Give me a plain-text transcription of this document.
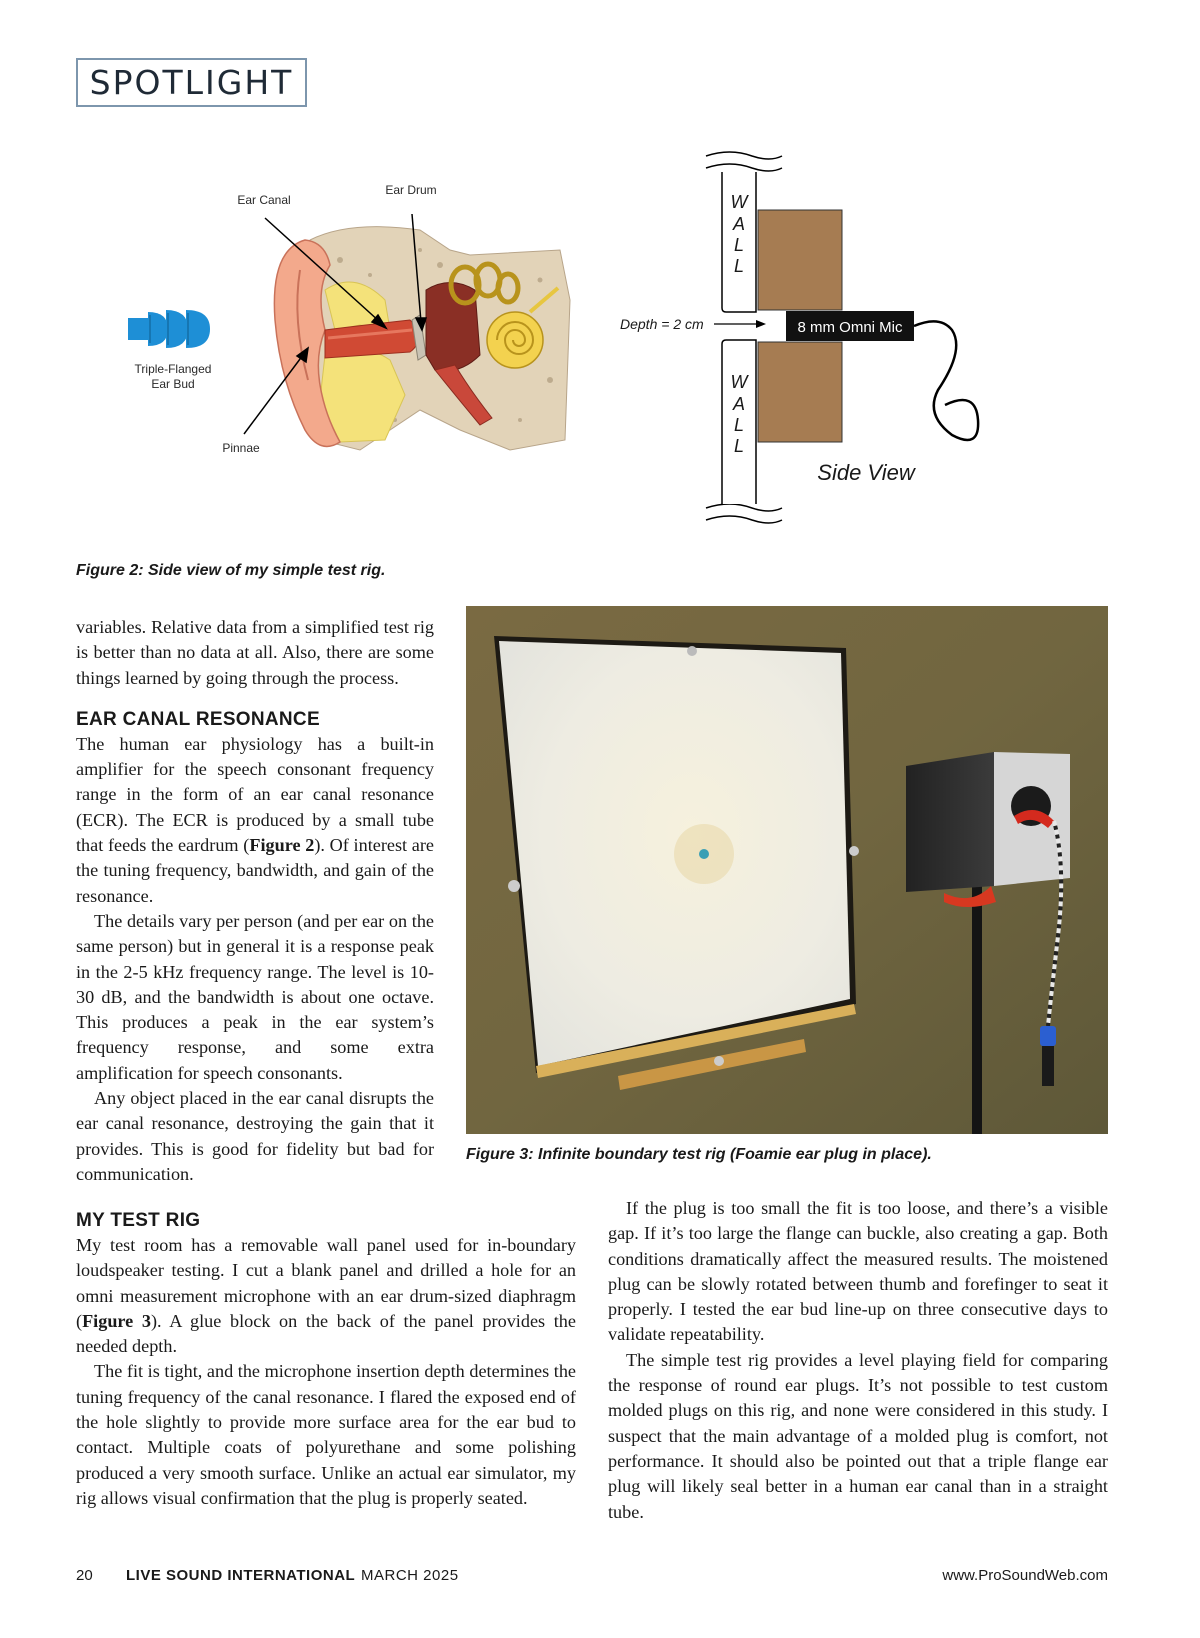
SPOTLIGHT
Ear Canal
Ear Drum
Triple-Flanged
Ear Bud
Pinnae
8 mm Omni Mic
Depth = 2 cm
W
A
L
L
W
A
L
L
Side View
Figure 2: Side view of my simple test rig.
Figure 3: Infinite boundary test rig (Foamie ear plug in place).

variables. Relative data from a simplified test rig is better than no data at all. Also, there are some things learned by going through the process.

EAR CANAL RESONANCE

The human ear physiology has a built-in amplifier for the speech consonant frequency range in the form of an ear canal resonance (ECR). The ECR is produced by a small tube that feeds the eardrum (Figure 2). Of interest are the tuning frequency, bandwidth, and gain of the resonance.

The details vary per person (and per ear on the same person) but in general it is a response peak in the 2-5 kHz frequency range. The level is 10-30 dB, and the bandwidth is about one octave. This produces a peak in the ear system’s frequency response, and some extra amplification for speech consonants.

Any object placed in the ear canal disrupts the ear canal resonance, destroying the gain that it provides. This is good for fidelity but bad for communication.

MY TEST RIG

My test room has a removable wall panel used for in-boundary loudspeaker testing. I cut a blank panel and drilled a hole for an omni measurement microphone with an ear drum-sized diaphragm (Figure 3). A glue block on the back of the panel provides the needed depth.

The fit is tight, and the microphone insertion depth determines the tuning frequency of the canal resonance. I flared the exposed end of the hole slightly to provide more surface area for the ear bud to contact. Multiple coats of polyurethane and some polishing produced a very smooth surface. Unlike an actual ear simulator, my rig allows visual confirmation that the plug is properly seated.

If the plug is too small the fit is too loose, and there’s a visible gap. If it’s too large the flange can buckle, also creating a gap. Both conditions dramatically affect the measured results. The moistened plug can be slowly rotated between thumb and forefinger to seat it properly. I tested the ear bud line-up on three consecutive days to validate repeatability.

The simple test rig provides a level playing field for comparing the response of round ear plugs. It’s not possible to test custom molded plugs on this rig, and none were considered in this study. I suspect that the main advantage of a molded plug is comfort, not performance. It should also be pointed out that a triple flange ear plug will likely seal better in a human ear canal than in a straight tube.

20 LIVE SOUND INTERNATIONAL MARCH 2025	www.ProSoundWeb.com
